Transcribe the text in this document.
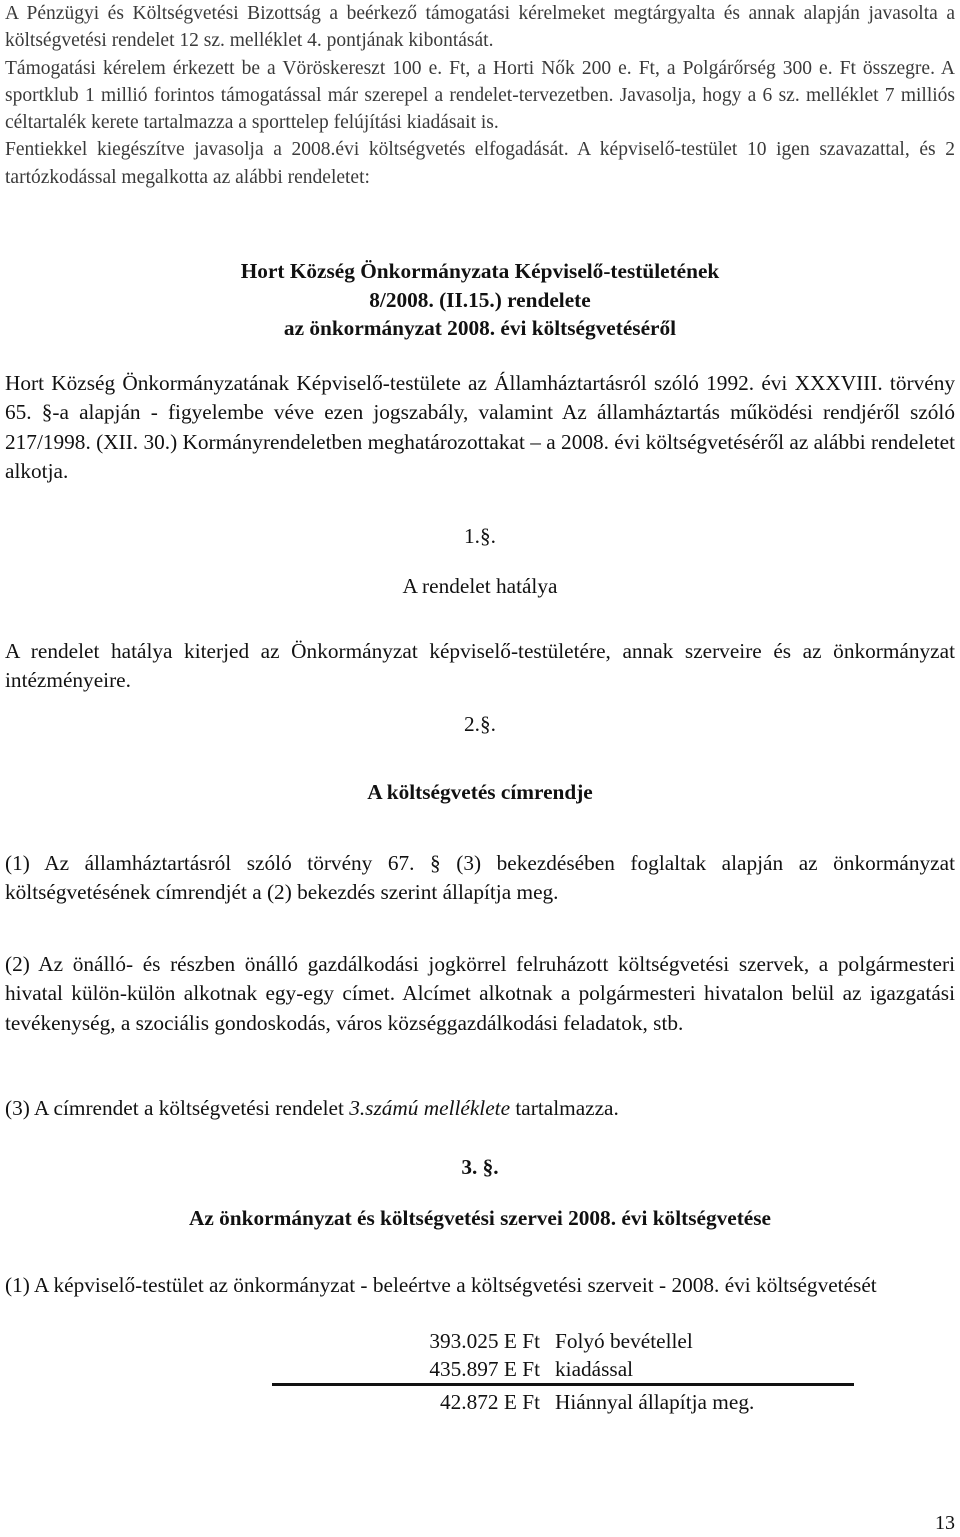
A Pénzügyi és Költségvetési Bizottság a beérkező támogatási kérelmeket megtárgyalta és annak alapján javasolta a költségvetési rendelet 12 sz. melléklet 4. pontjának kibontását.

Támogatási kérelem érkezett be a Vöröskereszt 100 e. Ft, a Horti Nők 200 e. Ft, a Polgárőrség 300 e. Ft összegre. A sportklub 1 millió forintos támogatással már szerepel a rendelet-tervezetben. Javasolja, hogy a 6 sz. melléklet 7 milliós céltartalék kerete tartalmazza a sporttelep felújítási kiadásait is.

Fentiekkel kiegészítve javasolja a 2008.évi költségvetés elfogadását. A képviselő-testület 10 igen szavazattal, és 2 tartózkodással megalkotta az alábbi rendeletet:

Hort Község Önkormányzata Képviselő-testületének
8/2008. (II.15.) rendelete
az önkormányzat 2008. évi költségvetéséről

Hort Község Önkormányzatának Képviselő-testülete az Államháztartásról szóló 1992. évi XXXVIII. törvény 65. §-a alapján - figyelembe véve ezen jogszabály, valamint Az államháztartás működési rendjéről szóló 217/1998. (XII. 30.) Kormányrendeletben meghatározottakat – a 2008. évi költségvetéséről az alábbi rendeletet alkotja.

1.§.
A rendelet hatálya

A rendelet hatálya kiterjed az Önkormányzat képviselő-testületére, annak szerveire és az önkormányzat intézményeire.

2.§.
A költségvetés címrendje

(1) Az államháztartásról szóló törvény 67. § (3) bekezdésében foglaltak alapján az önkormányzat költségvetésének címrendjét a (2) bekezdés szerint állapítja meg.

(2) Az önálló- és részben önálló gazdálkodási jogkörrel felruházott költségvetési szervek, a polgármesteri hivatal külön-külön alkotnak egy-egy címet. Alcímet alkotnak a polgármesteri hivatalon belül az igazgatási tevékenység, a szociális gondoskodás, város községgazdálkodási feladatok, stb.

(3) A címrendet a költségvetési rendelet 3.számú melléklete tartalmazza.

3. §.
Az önkormányzat és költségvetési szervei 2008. évi költségvetése

(1) A képviselő-testület az önkormányzat - beleértve a költségvetési szerveit - 2008. évi költségvetését

393.025 E Ft Folyó bevétellel
435.897 E Ft kiadással
42.872 E Ft Hiánnyal állapítja meg.
13
